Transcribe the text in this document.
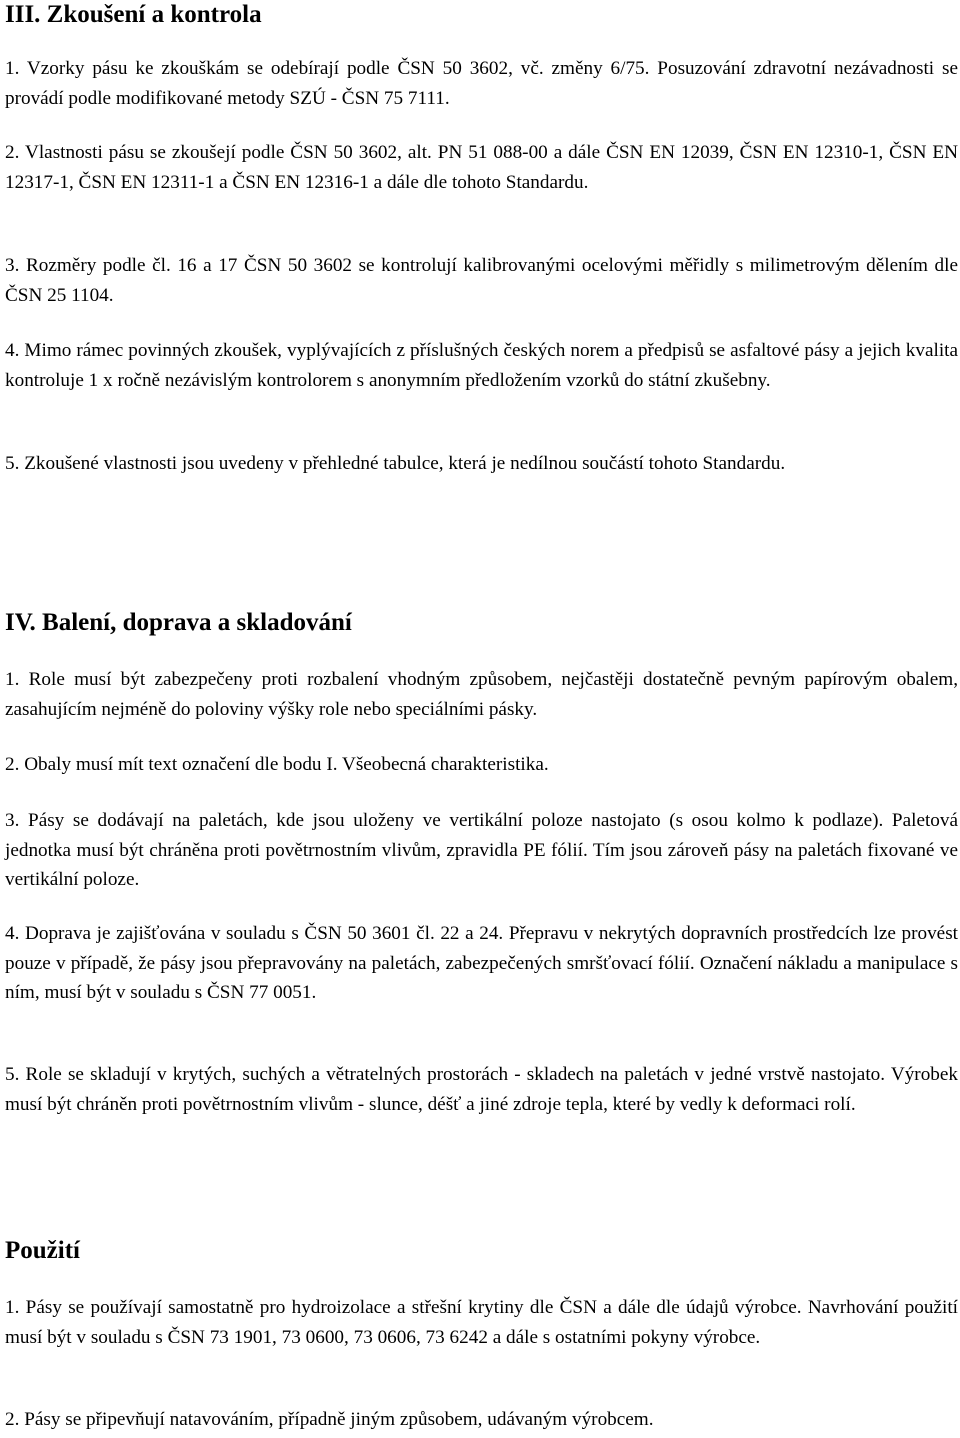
III. Zkoušení a kontrola

1. Vzorky pásu ke zkouškám se odebírají podle ČSN 50 3602, vč. změny 6/75. Posuzování zdravotní nezávadnosti se provádí podle modifikované metody SZÚ - ČSN 75 7111.

2. Vlastnosti pásu se zkoušejí podle ČSN 50 3602, alt. PN 51 088-00 a dále ČSN EN 12039, ČSN EN 12310-1, ČSN EN 12317-1, ČSN EN 12311-1 a ČSN EN 12316-1 a dále dle tohoto Standardu.

3. Rozměry podle čl. 16 a 17 ČSN 50 3602 se kontrolují kalibrovanými ocelovými měřidly s milimetrovým dělením dle ČSN 25 1104.

4. Mimo rámec povinných zkoušek, vyplývajících z příslušných českých norem a předpisů se asfaltové pásy a jejich kvalita kontroluje 1 x ročně nezávislým kontrolorem s anonymním předložením vzorků do státní zkušebny.

5. Zkoušené vlastnosti jsou uvedeny v přehledné tabulce, která je nedílnou součástí tohoto Standardu.

IV. Balení, doprava a skladování

1. Role musí být zabezpečeny proti rozbalení vhodným způsobem, nejčastěji dostatečně pevným papírovým obalem, zasahujícím nejméně do poloviny výšky role nebo speciálními pásky.

2. Obaly musí mít text označení dle bodu I. Všeobecná charakteristika.

3. Pásy se dodávají na paletách, kde jsou uloženy ve vertikální poloze nastojato (s osou kolmo k podlaze). Paletová jednotka musí být chráněna proti povětrnostním vlivům, zpravidla PE fólií. Tím jsou zároveň pásy na paletách fixované ve vertikální poloze.

4. Doprava je zajišťována v souladu s ČSN 50 3601 čl. 22 a 24. Přepravu v nekrytých dopravních prostředcích lze provést pouze v případě, že pásy jsou přepravovány na paletách, zabezpečených smršťovací fólií. Označení nákladu a manipulace s ním, musí být v souladu s ČSN 77 0051.

5. Role se skladují v krytých, suchých a větratelných prostorách - skladech na paletách v jedné vrstvě nastojato. Výrobek musí být chráněn proti povětrnostním vlivům - slunce, déšť a jiné zdroje tepla, které by vedly k deformaci rolí.

Použití

1. Pásy se používají samostatně pro hydroizolace a střešní krytiny dle ČSN a dále dle údajů výrobce. Navrhování použití musí být v souladu s ČSN 73 1901, 73 0600, 73 0606, 73 6242 a dále s ostatními pokyny výrobce.

2. Pásy se připevňují natavováním, případně jiným způsobem, udávaným výrobcem.
